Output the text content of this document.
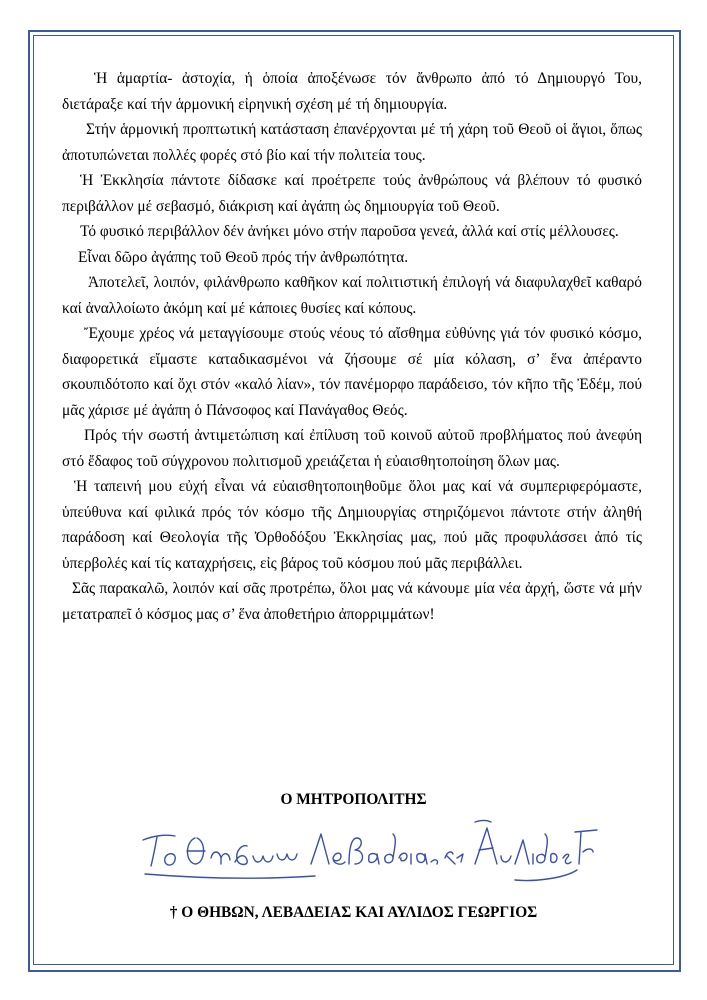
Ἡ ἁμαρτία- ἀστοχία, ἡ ὁποία ἀποξένωσε τόν ἄνθρωπο ἀπό τό Δημιουργό Του, διετάραξε καί τήν ἁρμονική εἰρηνική σχέση μέ τή δημιουργία.

Στήν ἁρμονική προπτωτική κατάσταση ἐπανέρχονται μέ τή χάρη τοῦ Θεοῦ οἱ ἅγιοι, ὅπως ἀποτυπώνεται πολλές φορές στό βίο καί τήν πολιτεία τους.

Ἡ Ἐκκλησία πάντοτε δίδασκε καί προέτρεπε τούς ἀνθρώπους νά βλέπουν τό φυσικό περιβάλλον μέ σεβασμό, διάκριση καί ἀγάπη ὡς δημιουργία τοῦ Θεοῦ.

Τό φυσικό περιβάλλον δέν ἀνήκει μόνο στήν παροῦσα γενεά, ἀλλά καί στίς μέλλουσες.

Εἶναι δῶρο ἀγάπης τοῦ Θεοῦ πρός τήν ἀνθρωπότητα.

Ἀποτελεῖ, λοιπόν, φιλάνθρωπο καθῆκον καί πολιτιστική ἐπιλογή νά διαφυλαχθεῖ καθαρό καί ἀναλλοίωτο ἀκόμη καί μέ κάποιες θυσίες καί κόπους.

Ἔχουμε χρέος νά μεταγγίσουμε στούς νέους τό αἴσθημα εὐθύνης γιά τόν φυσικό κόσμο, διαφορετικά εἴμαστε καταδικασμένοι νά ζήσουμε σέ μία κόλαση, σ’ ἕνα ἀπέραντο σκουπιδότοπο καί ὄχι στόν «καλό λίαν», τόν πανέμορφο παράδεισο, τόν κῆπο τῆς Ἐδέμ, πού μᾶς χάρισε μέ ἀγάπη ὁ Πάνσοφος καί Πανάγαθος Θεός.

Πρός τήν σωστή ἀντιμετώπιση καί ἐπίλυση τοῦ κοινοῦ αὐτοῦ προβλήματος πού ἀνεφύη στό ἔδαφος τοῦ σύγχρονου πολιτισμοῦ χρειάζεται ἡ εὐαισθητοποίηση ὅλων μας.

Ἡ ταπεινή μου εὐχή εἶναι νά εὐαισθητοποιηθοῦμε ὅλοι μας καί νά συμπεριφερόμαστε, ὑπεύθυνα καί φιλικά πρός τόν κόσμο τῆς Δημιουργίας στηριζόμενοι πάντοτε στήν ἀληθή παράδοση καί Θεολογία τῆς Ὀρθοδόξου Ἐκκλησίας μας, πού μᾶς προφυλάσσει ἀπό τίς ὑπερβολές καί τίς καταχρήσεις, εἰς βάρος τοῦ κόσμου πού μᾶς περιβάλλει.

Σᾶς παρακαλῶ, λοιπόν καί σᾶς προτρέπω, ὅλοι μας νά κάνουμε μία νέα ἀρχή, ὥστε νά μήν μετατραπεῖ ὁ κόσμος μας σ’ ἕνα ἀποθετήριο ἀπορριμμάτων!

Ο ΜΗΤΡΟΠΟΛΙΤΗΣ
† Ο ΘΗΒΩΝ, ΛΕΒΑΔΕΙΑΣ ΚΑΙ ΑΥΛΙΔΟΣ ΓΕΩΡΓΙΟΣ
